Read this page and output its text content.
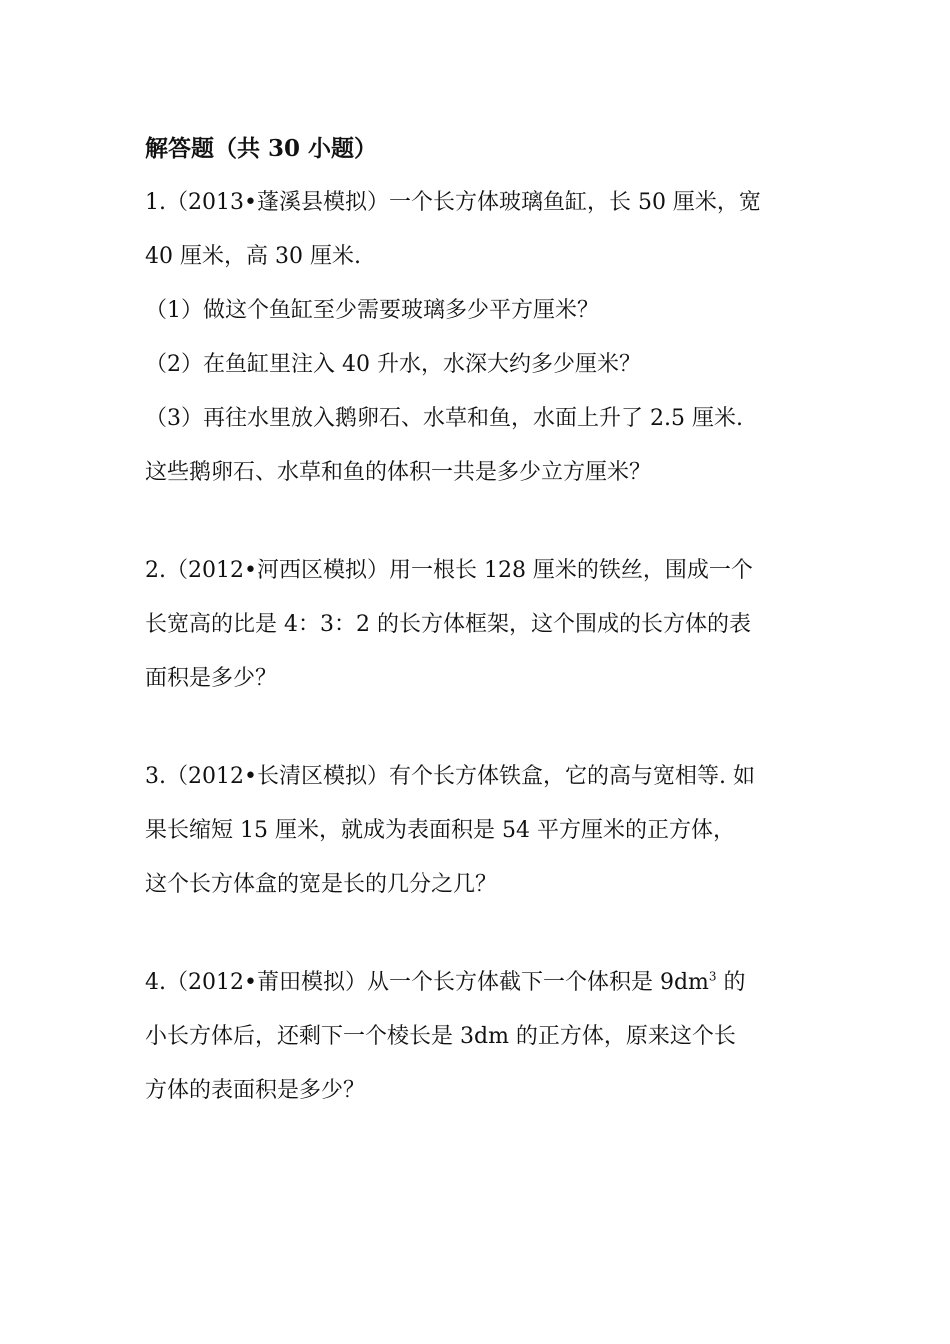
解答题（共 30 小题）
1.（2013•蓬溪县模拟）一个长方体玻璃鱼缸，长 50 厘米，宽
40 厘米，高 30 厘米.
（1）做这个鱼缸至少需要玻璃多少平方厘米？
（2）在鱼缸里注入 40 升水，水深大约多少厘米？
（3）再往水里放入鹅卵石、水草和鱼，水面上升了 2.5 厘米.
这些鹅卵石、水草和鱼的体积一共是多少立方厘米？
2.（2012•河西区模拟）用一根长 128 厘米的铁丝，围成一个
长宽高的比是 4：3：2 的长方体框架，这个围成的长方体的表
面积是多少？
3.（2012•长清区模拟）有个长方体铁盒，它的高与宽相等. 如
果长缩短 15 厘米，就成为表面积是 54 平方厘米的正方体，
这个长方体盒的宽是长的几分之几？
4.（2012•莆田模拟）从一个长方体截下一个体积是 $9dm^3$ 的
小长方体后，还剩下一个棱长是 3dm 的正方体，原来这个长
方体的表面积是多少？
